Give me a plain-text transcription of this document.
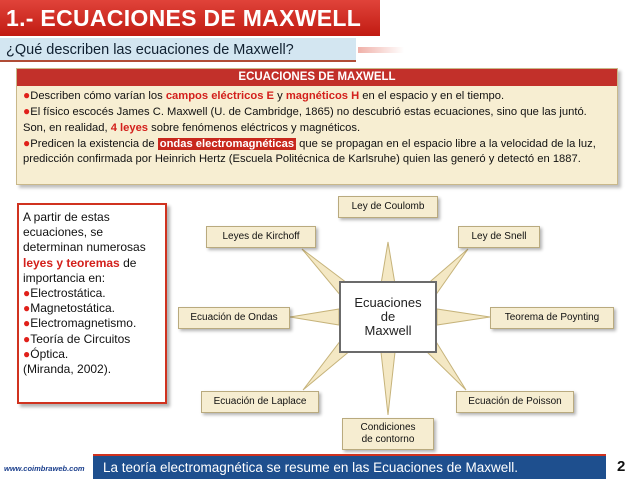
1.- ECUACIONES DE MAXWELL
¿Qué describen las ecuaciones de Maxwell?
ECUACIONES DE MAXWELL

●Describen cómo varían los campos eléctricos E y magnéticos H en el espacio y en el tiempo.

●El físico escocés James C. Maxwell (U. de Cambridge, 1865) no descubrió estas ecuaciones, sino que las juntó. Son, en realidad, 4 leyes sobre fenómenos eléctricos y magnéticos.

●Predicen la existencia de ondas electromagnéticas que se propagan en el espacio libre a la velocidad de la luz, predicción confirmada por Heinrich Hertz (Escuela Politécnica de Karlsruhe) quien las generó y detectó en 1887.

A partir de estas ecuaciones, se determinan numerosas leyes y teoremas de importancia en:
●Electrostática.
●Magnetostática.
●Electromagnetismo.
●Teoría de Circuitos
●Óptica.
(Miranda, 2002).
Ley de Coulomb
Ley de Snell
Teorema de Poynting
Ecuación de Poisson
Condiciones
de contorno
Ecuación de Laplace
Ecuación de Ondas
Leyes de Kirchoff
Ecuaciones
de
Maxwell
www.coimbraweb.com La teoría electromagnética se resume en las Ecuaciones de Maxwell.	2
